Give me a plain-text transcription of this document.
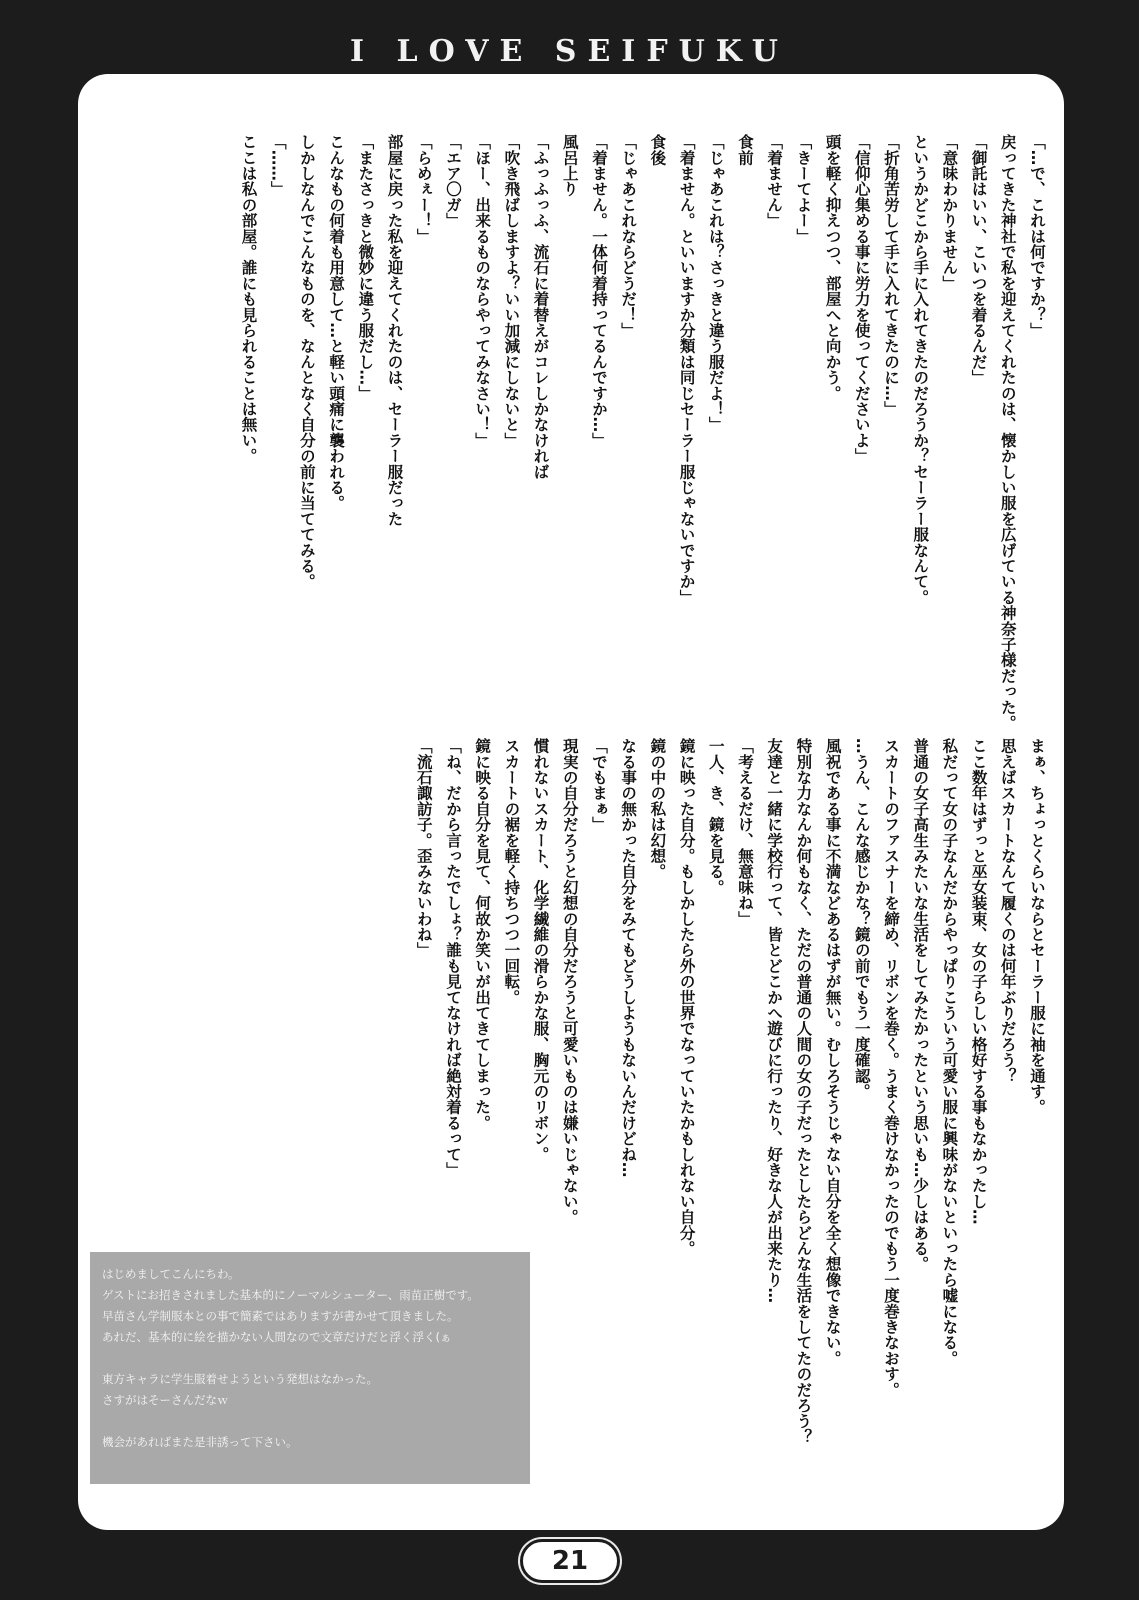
I LOVE SEIFUKU
「…で、これは何ですか？」
戻ってきた神社で私を迎えてくれたのは、懐かしい服を広げている神奈子様だった。
「御託はいい、こいつを着るんだ」
「意味わかりません」
というかどこから手に入れてきたのだろうか？セーラー服なんて。
「折角苦労して手に入れてきたのに…」
「信仰心集める事に労力を使ってくださいよ」
頭を軽く抑えつつ、部屋へと向かう。
「きーてよー」
「着ません」
食前
「じゃあこれは？さっきと違う服だよ！」
「着ません。といいますか分類は同じセーラー服じゃないですか」
食後
「じゃあこれならどうだ！」
「着ません。一体何着持ってるんですか…」
風呂上り
「ふっふっふ、流石に着替えがコレしかなければ
「吹き飛ばしますよ？いい加減にしないと」
「ほー、出来るものならやってみなさい！」
「エア〇ガ」
「らめぇー！」
部屋に戻った私を迎えてくれたのは、セーラー服だった
「またさっきと微妙に違う服だし…」
こんなもの何着も用意して…と軽い頭痛に襲われる。
しかしなんでこんなものを、なんとなく自分の前に当ててみる。
「……」
ここは私の部屋。誰にも見られることは無い。
まぁ、ちょっとくらいならとセーラー服に袖を通す。
思えばスカートなんて履くのは何年ぶりだろう？
ここ数年はずっと巫女装束、女の子らしい格好する事もなかったし…
私だって女の子なんだからやっぱりこういう可愛い服に興味がないといったら嘘になる。
普通の女子高生みたいな生活をしてみたかったという思いも…少しはある。
スカートのファスナーを締め、リボンを巻く。うまく巻けなかったのでもう一度巻きなおす。
…うん、こんな感じかな？鏡の前でもう一度確認。
風祝である事に不満などあるはずが無い。むしろそうじゃない自分を全く想像できない。
特別な力なんか何もなく、ただの普通の人間の女の子だったとしたらどんな生活をしてたのだろう？
友達と一緒に学校行って、皆とどこかへ遊びに行ったり、好きな人が出来たり…
「考えるだけ、無意味ね」
一人、き、鏡を見る。
鏡に映った自分。もしかしたら外の世界でなっていたかもしれない自分。
鏡の中の私は幻想。
なる事の無かった自分をみてもどうしようもないんだけどね…
「でもまぁ」
現実の自分だろうと幻想の自分だろうと可愛いものは嫌いじゃない。
慣れないスカート、化学繊維の滑らかな服、胸元のリボン。
スカートの裾を軽く持ちつつ一回転。
鏡に映る自分を見て、何故か笑いが出てきてしまった。
「ね、だから言ったでしょ？誰も見てなければ絶対着るって」
「流石諏訪子。歪みないわね」
はじめましてこんにちわ。
ゲストにお招きされました基本的にノーマルシューター、雨苗正樹です。
早苗さん学制服本との事で簡素ではありますが書かせて頂きました。
あれだ、基本的に絵を描かない人間なので文章だけだと浮く浮く(ぁ
東方キャラに学生服着せようという発想はなかった。
さすがはそーさんだなｗ
機会があればまた是非誘って下さい。
21
